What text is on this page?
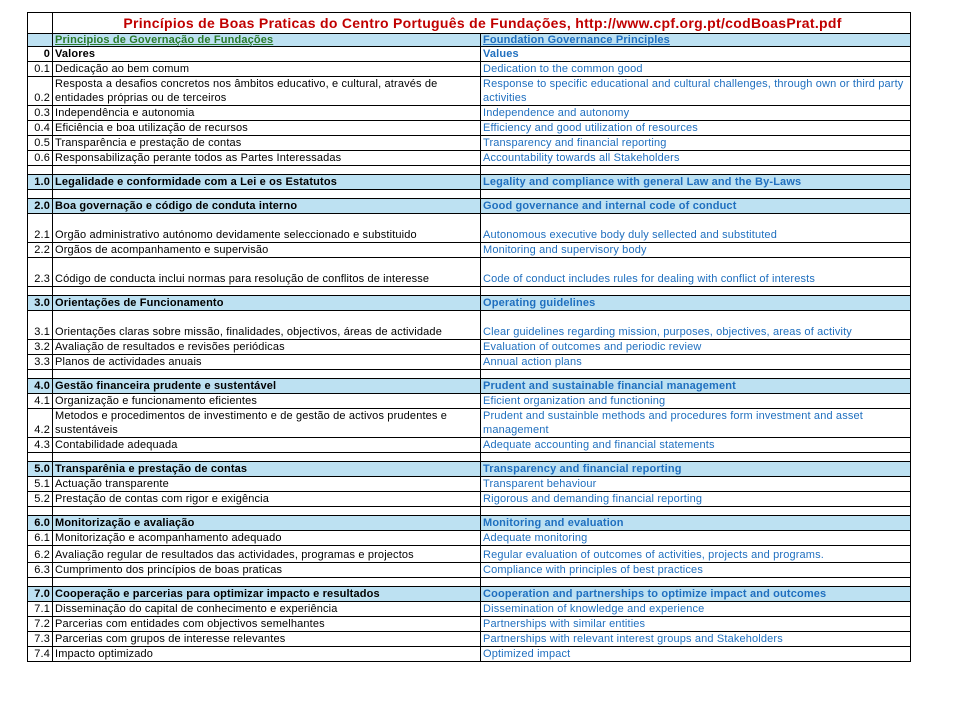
	Princípios de Boas Praticas do Centro Português de Fundações, http://www.cpf.org.pt/codBoasPrat.pdf	
	Principios de Governação de Fundações	Foundation Governance Principles
0	Valores	Values
0.1	Dedicação ao bem comum	Dedication to the common good
0.2	Resposta a desafios concretos nos âmbitos educativo, e cultural, através de entidades próprias ou de terceiros	Response to specific educational and cultural challenges, through own or third party activities
0.3	Independência e autonomia	Independence and autonomy
0.4	Eficiência e boa utilização de recursos	Efficiency and good utilization of resources
0.5	Transparência e prestação de contas	Transparency and financial reporting
0.6	Responsabilização perante todos as Partes Interessadas	Accountability towards all Stakeholders

1.0	Legalidade e conformidade com a Lei e os Estatutos	Legality and compliance with general Law and the By-Laws

2.0	Boa governação e código de conduta interno	Good governance and internal code of conduct
2.1	Orgão administrativo autónomo devidamente seleccionado e substituido	Autonomous executive body duly sellected and substituted
2.2	Orgãos de acompanhamento e supervisão	Monitoring and supervisory body
2.3	Código de conducta inclui normas para resolução de conflitos de interesse	Code of conduct includes rules for dealing with conflict of interests

3.0	Orientações de Funcionamento	Operating guidelines
3.1	Orientações claras sobre missão, finalidades, objectivos, áreas de actividade	Clear guidelines regarding mission, purposes, objectives, areas of activity
3.2	Avaliação de resultados e revisões periódicas	Evaluation of outcomes and periodic review
3.3	Planos de actividades anuais	Annual action plans

4.0	Gestão financeira prudente e sustentável	Prudent and sustainable financial management
4.1	Organização e funcionamento eficientes	Eficient organization and functioning
4.2	Metodos e procedimentos de investimento e de gestão de activos prudentes e sustentáveis	Prudent and sustainble methods and procedures form investment and asset management
4.3	Contabilidade adequada	Adequate accounting and financial statements

5.0	Transparênia e prestação de contas	Transparency and financial reporting
5.1	Actuação transparente	Transparent behaviour
5.2	Prestação de contas com rigor e exigência	Rigorous and demanding financial reporting

6.0	Monitorização e avaliação	Monitoring and evaluation
6.1	Monitorização e acompanhamento adequado	Adequate monitoring
6.2	Avaliação regular de resultados das actividades, programas e projectos	Regular evaluation of outcomes of activities, projects and programs.
6.3	Cumprimento dos princípios de boas praticas	Compliance with principles of best practices

7.0	Cooperação e parcerias para optimizar impacto e resultados	Cooperation and partnerships to optimize impact and outcomes
7.1	Disseminação do capital de conhecimento e experiência	Dissemination of knowledge and experience
7.2	Parcerias com entidades com objectivos semelhantes	Partnerships with similar entities
7.3	Parcerias com grupos de interesse relevantes	Partnerships with relevant interest groups and Stakeholders
7.4	Impacto optimizado	Optimized impact
